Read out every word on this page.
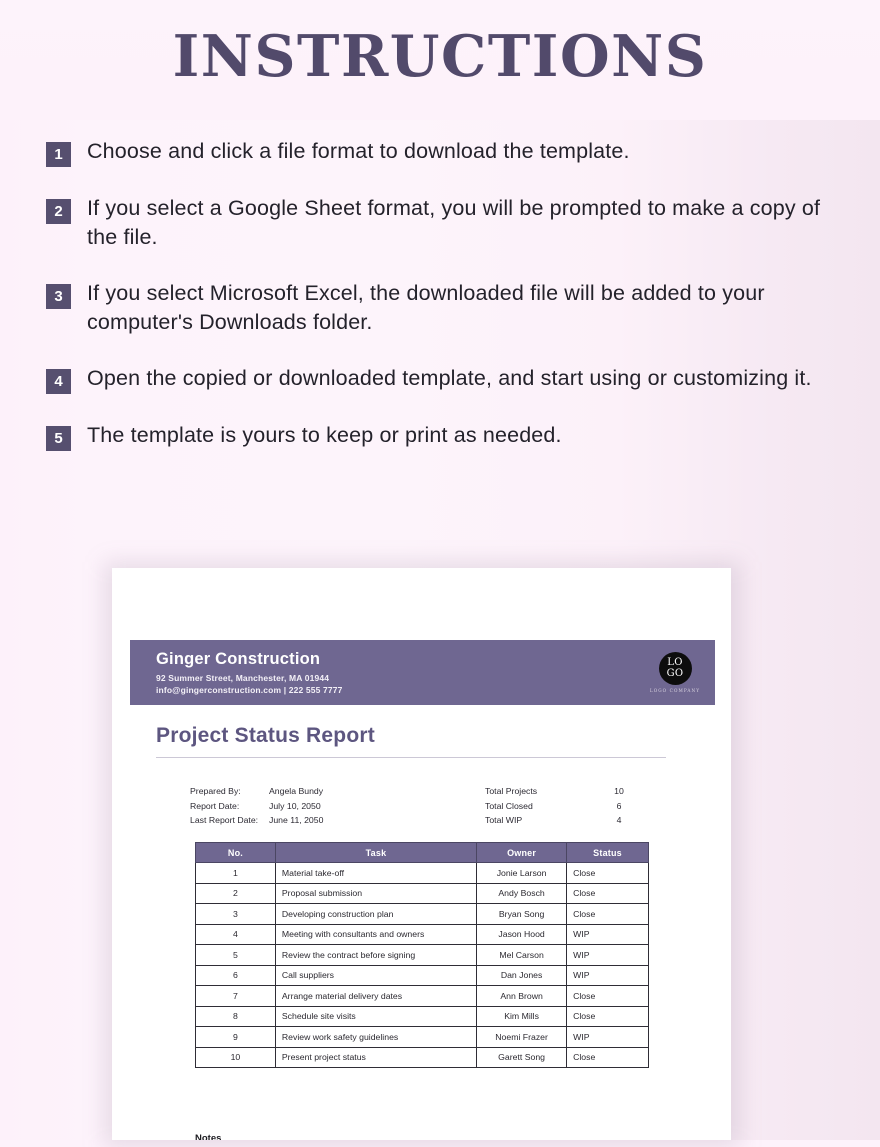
INSTRUCTIONS
1	Choose and click a file format to download the template.
2	If you select a Google Sheet format, you will be prompted to make a copy of the file.
3	If you select Microsoft Excel, the downloaded file will be added to your computer's Downloads folder.
4	Open the copied or downloaded template, and start using or customizing it.
5	The template is yours to keep or print as needed.
Ginger Construction
92 Summer Street, Manchester, MA 01944
info@gingerconstruction.com | 222 555 7777
LO
GO
LOGO COMPANY
Project Status Report
Prepared By:	Angela Bundy
Report Date:	July 10, 2050
Last Report Date:	June 11, 2050
Total Projects	10
Total Closed	6
Total WIP	4
No.	Task	Owner	Status
1	Material take-off	Jonie Larson	Close
2	Proposal submission	Andy Bosch	Close
3	Developing construction plan	Bryan Song	Close
4	Meeting with consultants and owners	Jason Hood	WIP
5	Review the contract before signing	Mel Carson	WIP
6	Call suppliers	Dan Jones	WIP
7	Arrange material delivery dates	Ann Brown	Close
8	Schedule site visits	Kim Mills	Close
9	Review work safety guidelines	Noemi Frazer	WIP
10	Present project status	Garett Song	Close
Notes
